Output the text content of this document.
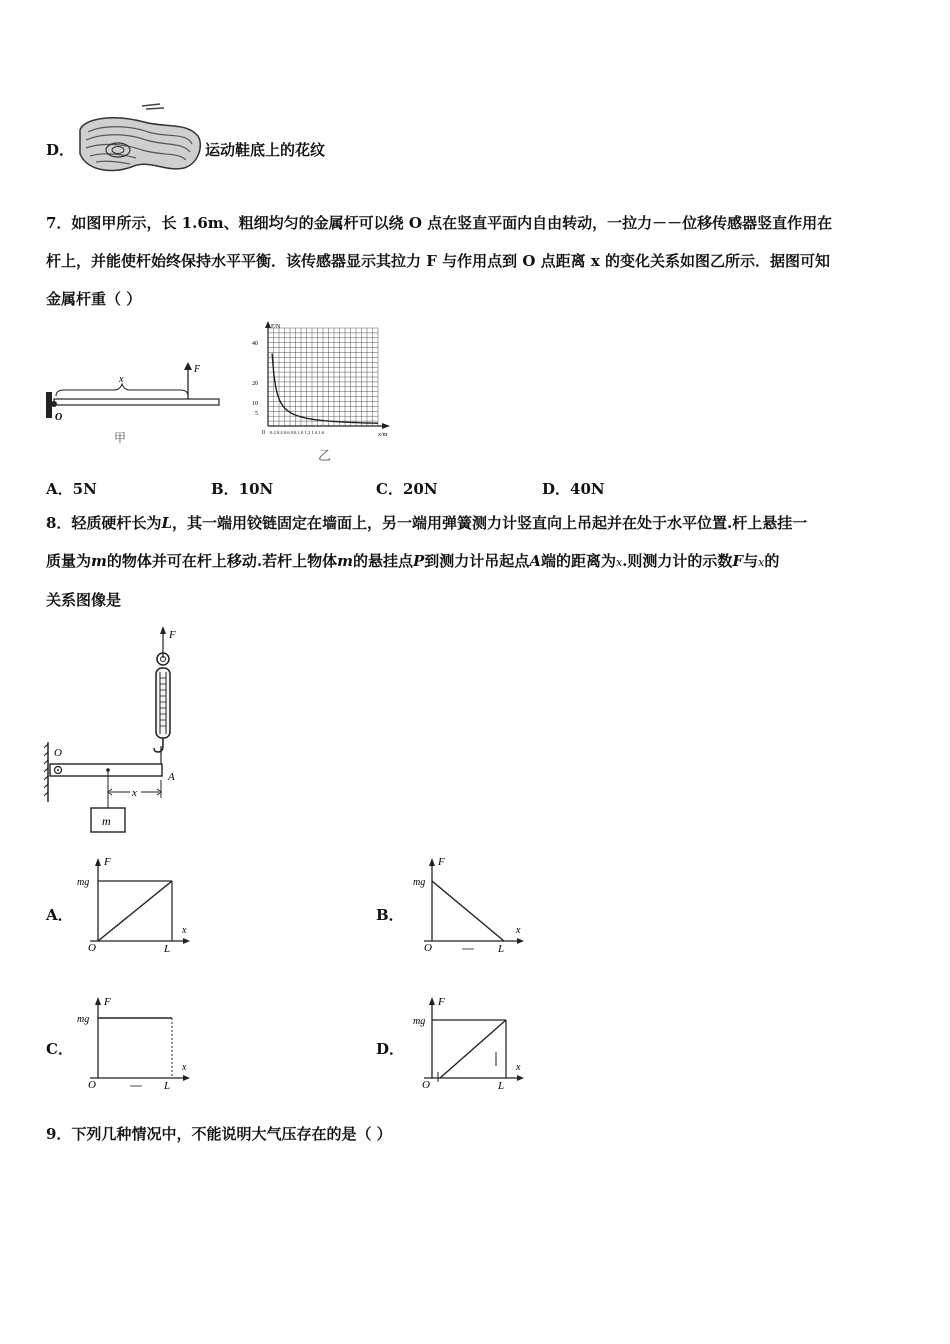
D．	运动鞋底上的花纹
7．如图甲所示，长 1.6m、粗细均匀的金属杆可以绕 O 点在竖直平面内自由转动，一拉力－－位移传感器竖直作用在
杆上，并能使杆始终保持水平平衡．该传感器显示其拉力 F 与作用点到 O 点距离 x 的变化关系如图乙所示．据图可知
金属杆重（ ）
F
x
O
甲
F/N
40
20
10
5
0 0.2 0.4 0.6 0.8 1.0 1.2 1.4 1.6	x/m
乙
A．5N	B．10N	C．20N	D．40N
8．轻质硬杆长为L，其一端用铰链固定在墙面上，另一端用弹簧测力计竖直向上吊起并在处于水平位置.杆上悬挂一
质量为m的物体并可在杆上移动.若杆上物体m的悬挂点P到测力计吊起点A端的距离为x.则测力计的示数F与x的
关系图像是
F
O
A
x
m
A．
F
mg
O	L
x
B．
F
mg
O	L
x
C．
F
mg
O	L
x
D．
F
mg
O	L
x
9．下列几种情况中，不能说明大气压存在的是（ ）
